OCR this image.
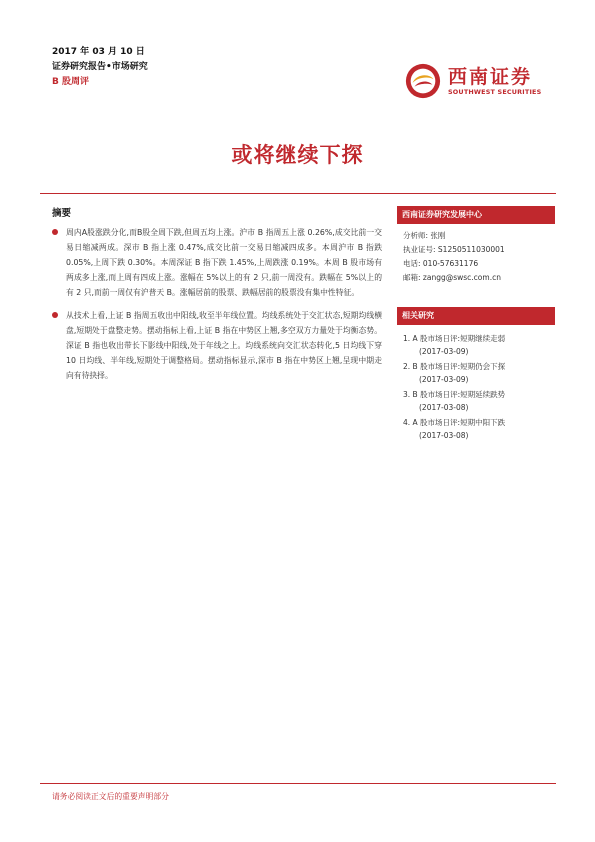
2017 年 03 月 10 日
证券研究报告•市场研究
B 股周评	西南证券
SOUTHWEST SECURITIES
或将继续下探
摘要
周内A股涨跌分化,而B股全周下跌,但周五均上涨。沪市 B 指周五上涨 0.26%,成交比前一交易日缩减两成。深市 B 指上涨 0.47%,成交比前一交易日缩减四成多。本周沪市 B 指跌 0.05%,上周下跌 0.30%。本周深证 B 指下跌 1.45%,上周跌涨 0.19%。本周 B 股市场有两成多上涨,而上周有四成上涨。涨幅在 5%以上的有 2 只,前一周没有。跌幅在 5%以上的有 2 只,而前一周仅有沪普天 B。涨幅居前的股票、跌幅居前的股票没有集中性特征。
从技术上看,上证 B 指周五收出中阳线,收至半年线位置。均线系统处于交汇状态,短期均线横盘,短期处于盘整走势。摆动指标上看,上证 B 指在中势区上翘,多空双方力量处于均衡态势。深证 B 指也收出带长下影线中阳线,处于年线之上。均线系统向交汇状态转化,5 日均线下穿 10 日均线、半年线,短期处于调整格局。摆动指标显示,深市 B 指在中势区上翘,呈现中期走向有待抉择。
西南证券研究发展中心
分析师: 张刚
执业证号: S1250511030001
电话: 010-57631176
邮箱: zangg@swsc.com.cn
相关研究
1. A 股市场日评:短期继续走弱
(2017-03-09)
2. B 股市场日评:短期仍会下探
(2017-03-09)
3. B 股市场日评:短期延续跌势
(2017-03-08)
4. A 股市场日评:短期中阳下跌
(2017-03-08)
请务必阅读正文后的重要声明部分
